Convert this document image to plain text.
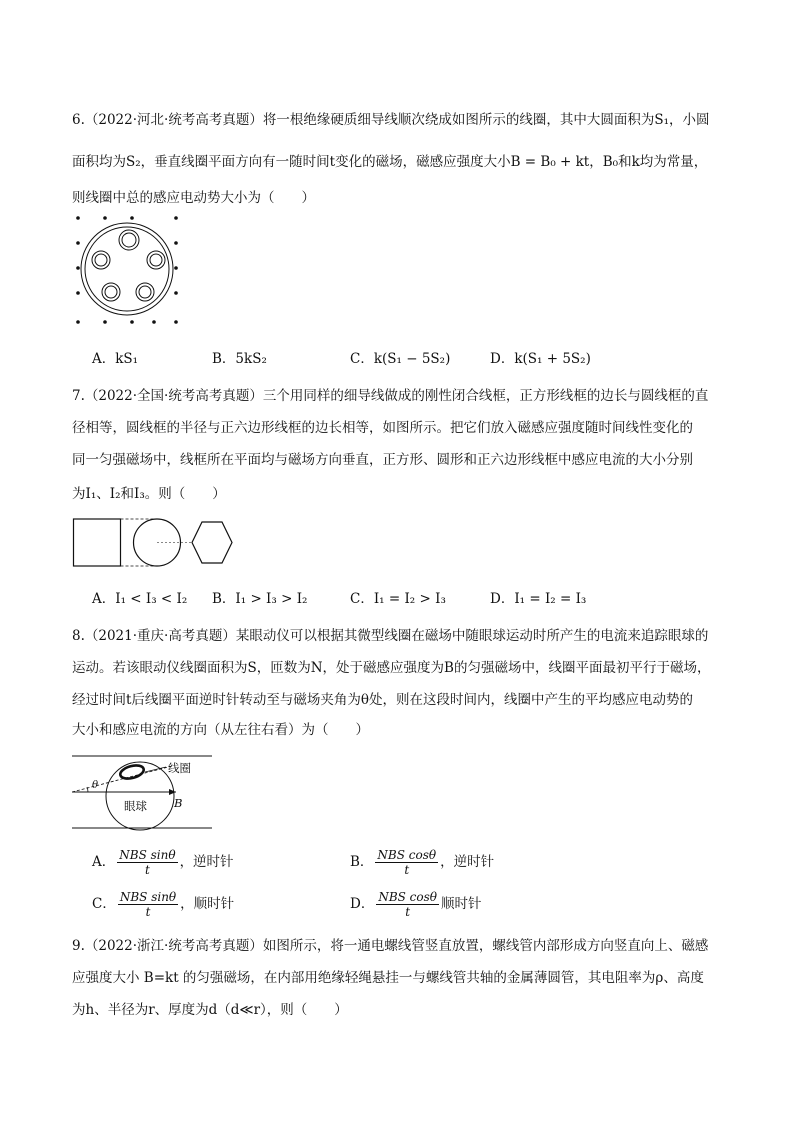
6.（2022·河北·统考高考真题）将一根绝缘硬质细导线顺次绕成如图所示的线圈，其中大圆面积为S₁，小圆
面积均为S₂，垂直线圈平面方向有一随时间t变化的磁场，磁感应强度大小B = B₀ + kt，B₀和k均为常量，
则线圈中总的感应电动势大小为（　　）
A．kS₁	B．5kS₂	C．k(S₁ − 5S₂)	D．k(S₁ + 5S₂)
7.（2022·全国·统考高考真题）三个用同样的细导线做成的刚性闭合线框，正方形线框的边长与圆线框的直
径相等，圆线框的半径与正六边形线框的边长相等，如图所示。把它们放入磁感应强度随时间线性变化的
同一匀强磁场中，线框所在平面均与磁场方向垂直，正方形、圆形和正六边形线框中感应电流的大小分别
为I₁、I₂和I₃。则（　　）
A．I₁ < I₃ < I₂ B．I₁ > I₃ > I₂	C．I₁ = I₂ > I₃	D．I₁ = I₂ = I₃
8.（2021·重庆·高考真题）某眼动仪可以根据其微型线圈在磁场中随眼球运动时所产生的电流来追踪眼球的
运动。若该眼动仪线圈面积为S，匝数为N，处于磁感应强度为B的匀强磁场中，线圈平面最初平行于磁场，
经过时间t后线圈平面逆时针转动至与磁场夹角为θ处，则在这段时间内，线圈中产生的平均感应电动势的
大小和感应电流的方向（从左往右看）为（　　）
线圈
θ
眼球 B
A． $\frac{\text{NBS sinθ}}{t}$ ，逆时针	B． $\frac{\text{NBS cosθ}}{t}$ ，逆时针
C． $\frac{\text{NBS sinθ}}{t}$ ，顺时针	D． $\frac{\text{NBS cosθ}}{t}$ 顺时针
9.（2022·浙江·统考高考真题）如图所示，将一通电螺线管竖直放置，螺线管内部形成方向竖直向上、磁感
应强度大小 B=kt 的匀强磁场，在内部用绝缘轻绳悬挂一与螺线管共轴的金属薄圆管，其电阻率为ρ、高度
为h、半径为r、厚度为d（d≪r），则（　　）
